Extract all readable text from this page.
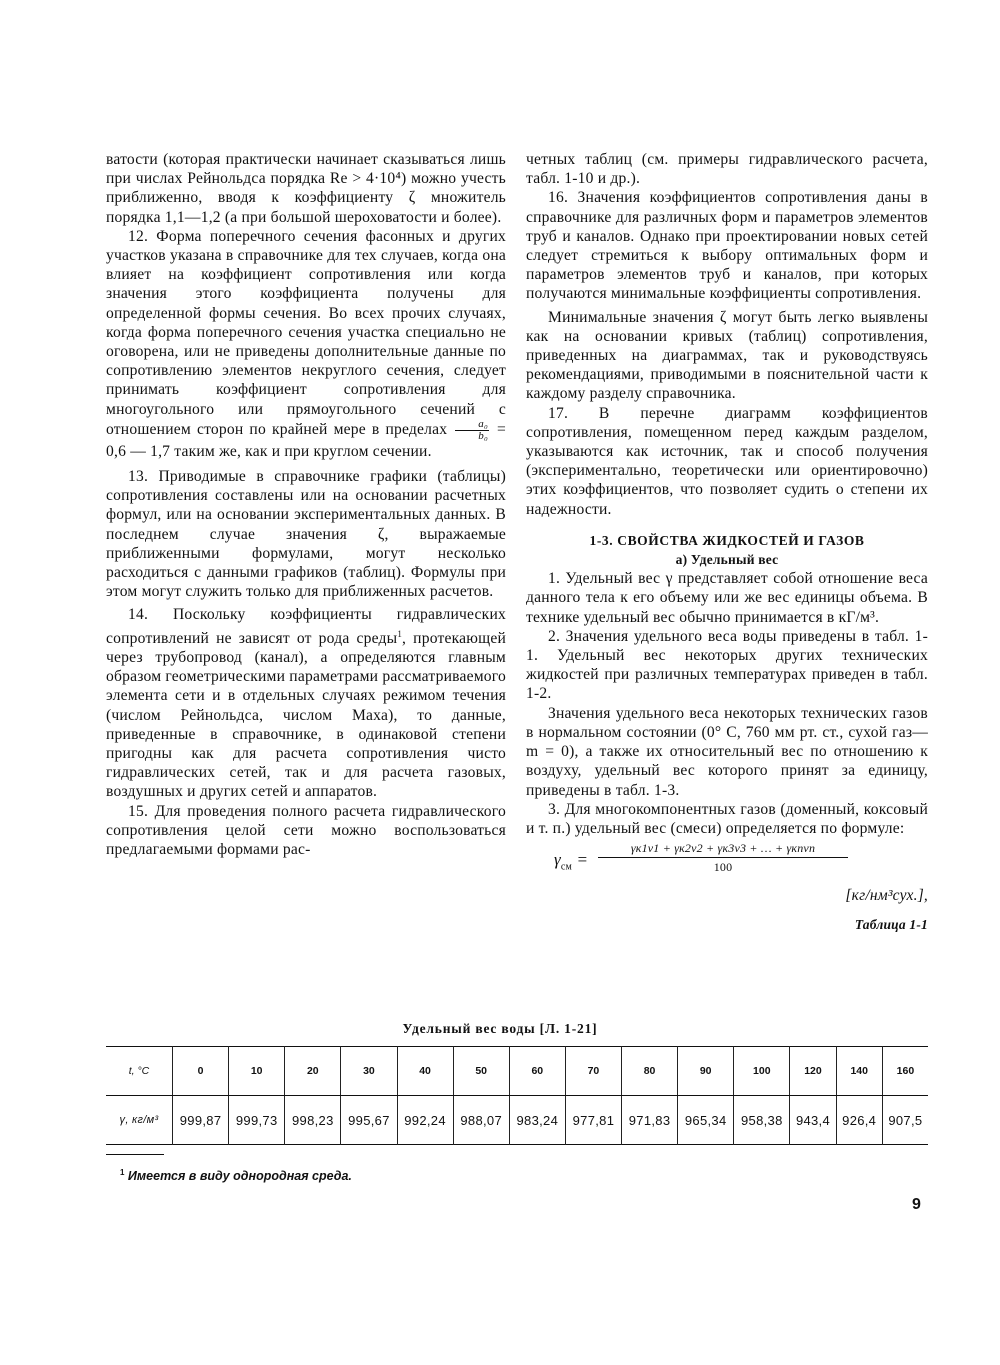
ватости (которая практически начинает сказываться лишь при числах Рейнольдса порядка Re > 4·10⁴) можно учесть приближенно, вводя к коэффициенту ζ множитель порядка 1,1—1,2 (а при большой шероховатости и более).

12. Форма поперечного сечения фасонных и других участков указана в справочнике для тех случаев, когда она влияет на коэффициент сопротивления или когда значения этого коэффициента получены для определенной формы сечения. Во всех прочих случаях, когда форма поперечного сечения участка специально не оговорена, или не приведены дополнительные данные по сопротивлению элементов некруглого сечения, следует принимать коэффициент сопротивления для многоугольного или прямоугольного сечений с отношением сторон по крайней мере в пределах $\frac{\text{a₀}}{\text{b₀}} = 0,6$ — 1,7 таким же, как и при круглом сечении.

13. Приводимые в справочнике графики (таблицы) сопротивления составлены или на основании расчетных формул, или на основании экспериментальных данных. В последнем случае значения ζ, выражаемые приближенными формулами, могут несколько расходиться с данными графиков (таблиц). Формулы при этом могут служить только для приближенных расчетов.

14. Поскольку коэффициенты гидравлических сопротивлений не зависят от рода среды$^1$, протекающей через трубопровод (канал), а определяются главным образом геометрическими параметрами рассматриваемого элемента сети и в отдельных случаях режимом течения (числом Рейнольдса, числом Маха), то данные, приведенные в справочнике, в одинаковой степени пригодны как для расчета сопротивления чисто гидравлических сетей, так и для расчета газовых, воздушных и других сетей и аппаратов.

15. Для проведения полного расчета гидравлического сопротивления целой сети можно воспользоваться предлагаемыми формами рас-

четных таблиц (см. примеры гидравлического расчета, табл. 1-10 и др.).

16. Значения коэффициентов сопротивления даны в справочнике для различных форм и параметров элементов труб и каналов. Однако при проектировании новых сетей следует стремиться к выбору оптимальных форм и параметров элементов труб и каналов, при которых получаются минимальные коэффициенты сопротивления.

Минимальные значения ζ могут быть легко выявлены как на основании кривых (таблиц) сопротивления, приведенных на диаграммах, так и руководствуясь рекомендациями, приводимыми в пояснительной части к каждому разделу справочника.

17. В перечне диаграмм коэффициентов сопротивления, помещенном перед каждым разделом, указываются как источник, так и способ получения (экспериментально, теоретически или ориентировочно) этих коэффициентов, что позволяет судить о степени их надежности.

1-3. СВОЙСТВА ЖИДКОСТЕЙ И ГАЗОВ

а) Удельный вес

1. Удельный вес γ представляет собой отношение веса данного тела к его объему или же вес единицы объема. В технике удельный вес обычно принимается в кГ/м³.

2. Значения удельного веса воды приведены в табл. 1-1. Удельный вес некоторых других технических жидкостей при различных температурах приведен в табл. 1-2.

Значения удельного веса некоторых технических газов в нормальном состоянии (0° С, 760 мм рт. ст., сухой газ—m = 0), а также их относительный вес по отношению к воздуху, удельный вес которого принят за единицу, приведены в табл. 1-3.

3. Для многокомпонентных газов (доменный, коксовый и т. п.) удельный вес (смеси) определяется по формуле:

$\gamma_{см}$ =
γк1v1 + γк2v2 + γк3v3 + … + γкnvn
100

[кг/нм³сух.],

Таблица 1-1

Удельный вес воды [Л. 1-21]
t, °C	0	10	20	30	40	50	60	70	80	90	100	120	140	160
γ, кг/м³	999,87	999,73	998,23	995,67	992,24	988,07	983,24	977,81	971,83	965,34	958,38	943,4	926,4	907,5
$^1$ Имеется в виду однородная среда.
9
